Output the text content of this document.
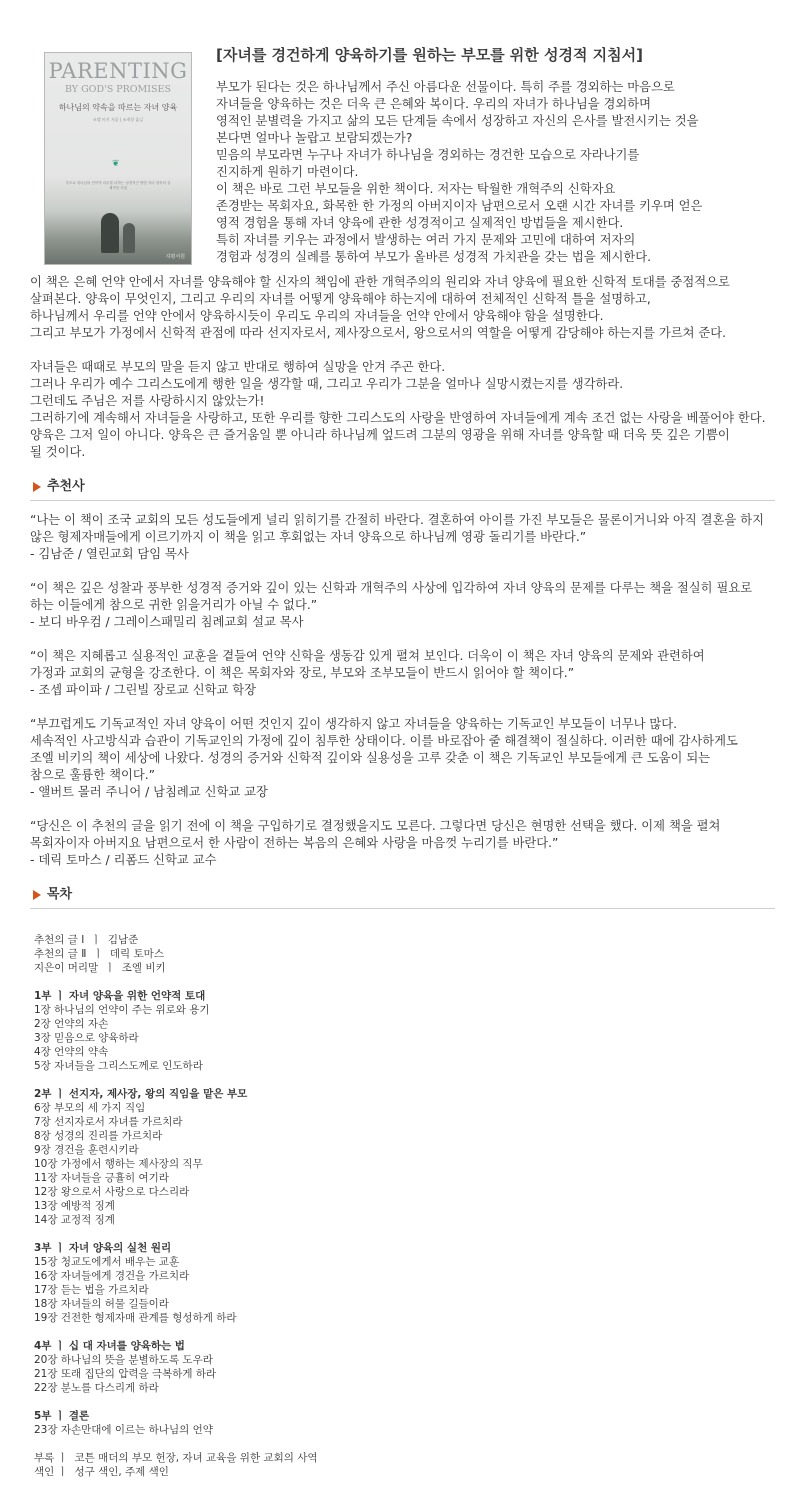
PARENTING
BY GOD'S PROMISES
하나님의 약속을 따르는 자녀 양육
조엘 비키 지음 | 조계광 옮김
❦
부모로 하나님의 언약적 의무를 다하는 성경적인 방법 자녀 양육의 실제적인 지침
지평서원
[자녀를 경건하게 양육하기를 원하는 부모를 위한 성경적 지침서]
부모가 된다는 것은 하나님께서 주신 아름다운 선물이다. 특히 주를 경외하는 마음으로
자녀들을 양육하는 것은 더욱 큰 은혜와 복이다. 우리의 자녀가 하나님을 경외하며
영적인 분별력을 가지고 삶의 모든 단계들 속에서 성장하고 자신의 은사를 발전시키는 것을
본다면 얼마나 놀랍고 보람되겠는가?
믿음의 부모라면 누구나 자녀가 하나님을 경외하는 경건한 모습으로 자라나기를
진지하게 원하기 마련이다.
이 책은 바로 그런 부모들을 위한 책이다. 저자는 탁월한 개혁주의 신학자요
존경받는 목회자요, 화목한 한 가정의 아버지이자 남편으로서 오랜 시간 자녀를 키우며 얻은
영적 경험을 통해 자녀 양육에 관한 성경적이고 실제적인 방법들을 제시한다.
특히 자녀를 키우는 과정에서 발생하는 여러 가지 문제와 고민에 대하여 저자의
경험과 성경의 실례를 통하여 부모가 올바른 성경적 가치관을 갖는 법을 제시한다.

이 책은 은혜 언약 안에서 자녀를 양육해야 할 신자의 책임에 관한 개혁주의의 원리와 자녀 양육에 필요한 신학적 토대를 중점적으로
살펴본다. 양육이 무엇인지, 그리고 우리의 자녀를 어떻게 양육해야 하는지에 대하여 전체적인 신학적 틀을 설명하고,
하나님께서 우리를 언약 안에서 양육하시듯이 우리도 우리의 자녀들을 언약 안에서 양육해야 함을 설명한다.
그리고 부모가 가정에서 신학적 관점에 따라 선지자로서, 제사장으로서, 왕으로서의 역할을 어떻게 감당해야 하는지를 가르쳐 준다.

자녀들은 때때로 부모의 말을 듣지 않고 반대로 행하여 실망을 안겨 주곤 한다.
그러나 우리가 예수 그리스도에게 행한 일을 생각할 때, 그리고 우리가 그분을 얼마나 실망시켰는지를 생각하라.
그런데도 주님은 저를 사랑하시지 않았는가!
그러하기에 계속해서 자녀들을 사랑하고, 또한 우리를 향한 그리스도의 사랑을 반영하여 자녀들에게 계속 조건 없는 사랑을 베풀어야 한다.
양육은 그저 일이 아니다. 양육은 큰 즐거움일 뿐 아니라 하나님께 엎드려 그분의 영광을 위해 자녀를 양육할 때 더욱 뜻 깊은 기쁨이
될 것이다.

추천사

“나는 이 책이 조국 교회의 모든 성도들에게 널리 읽히기를 간절히 바란다. 결혼하여 아이를 가진 부모들은 물론이거니와 아직 결혼을 하지
않은 형제자매들에게 이르기까지 이 책을 읽고 후회없는 자녀 양육으로 하나님께 영광 돌리기를 바란다.”
- 김남준 / 열린교회 담임 목사

“이 책은 깊은 성찰과 풍부한 성경적 증거와 깊이 있는 신학과 개혁주의 사상에 입각하여 자녀 양육의 문제를 다루는 책을 절실히 필요로
하는 이들에게 참으로 귀한 읽을거리가 아닐 수 없다.”
- 보디 바우컴 / 그레이스패밀리 침례교회 설교 목사

“이 책은 지혜롭고 실용적인 교훈을 곁들여 언약 신학을 생동감 있게 펼쳐 보인다. 더욱이 이 책은 자녀 양육의 문제와 관련하여
가정과 교회의 균형을 강조한다. 이 책은 목회자와 장로, 부모와 조부모들이 반드시 읽어야 할 책이다.”
- 조셉 파이파 / 그린빌 장로교 신학교 학장

“부끄럽게도 기독교적인 자녀 양육이 어떤 것인지 깊이 생각하지 않고 자녀들을 양육하는 기독교인 부모들이 너무나 많다.
세속적인 사고방식과 습관이 기독교인의 가정에 깊이 침투한 상태이다. 이를 바로잡아 줄 해결책이 절실하다. 이러한 때에 감사하게도
조엘 비키의 책이 세상에 나왔다. 성경의 증거와 신학적 깊이와 실용성을 고루 갖춘 이 책은 기독교인 부모들에게 큰 도움이 되는
참으로 훌륭한 책이다.”
- 앨버트 몰러 주니어 / 남침례교 신학교 교장

“당신은 이 추천의 글을 읽기 전에 이 책을 구입하기로 결정했을지도 모른다. 그렇다면 당신은 현명한 선택을 했다. 이제 책을 펼쳐
목회자이자 아버지요 남편으로서 한 사람이 전하는 복음의 은혜와 사랑을 마음껏 누리기를 바란다.”
- 데릭 토마스 / 리폼드 신학교 교수

목차
추천의 글 Ⅰ  ㅣ  김남준
추천의 글 Ⅱ  ㅣ  데릭 토마스
지은이 머리말  ㅣ  조엘 비키
1부 ㅣ 자녀 양육을 위한 언약적 토대
1장 하나님의 언약이 주는 위로와 용기
2장 언약의 자손
3장 믿음으로 양육하라
4장 언약의 약속
5장 자녀들을 그리스도께로 인도하라
2부 ㅣ 선지자, 제사장, 왕의 직임을 맡은 부모
6장 부모의 세 가지 직임
7장 선지자로서 자녀를 가르치라
8장 성경의 진리를 가르치라
9장 경건을 훈련시키라
10장 가정에서 행하는 제사장의 직무
11장 자녀들을 긍휼히 여기라
12장 왕으로서 사랑으로 다스리라
13장 예방적 징계
14장 교정적 징계
3부 ㅣ 자녀 양육의 실천 원리
15장 청교도에게서 배우는 교훈
16장 자녀들에게 경건을 가르치라
17장 듣는 법을 가르치라
18장 자녀들의 허물 길들이라
19장 건전한 형제자매 관계를 형성하게 하라
4부 ㅣ 십 대 자녀를 양육하는 법
20장 하나님의 뜻을 분별하도록 도우라
21장 또래 집단의 압력을 극복하게 하라
22장 분노를 다스리게 하라
5부 ㅣ 결론
23장 자손만대에 이르는 하나님의 언약
부록 ㅣ  코튼 매더의 부모 헌장, 자녀 교육을 위한 교회의 사역
색인 ㅣ  성구 색인, 주제 색인
